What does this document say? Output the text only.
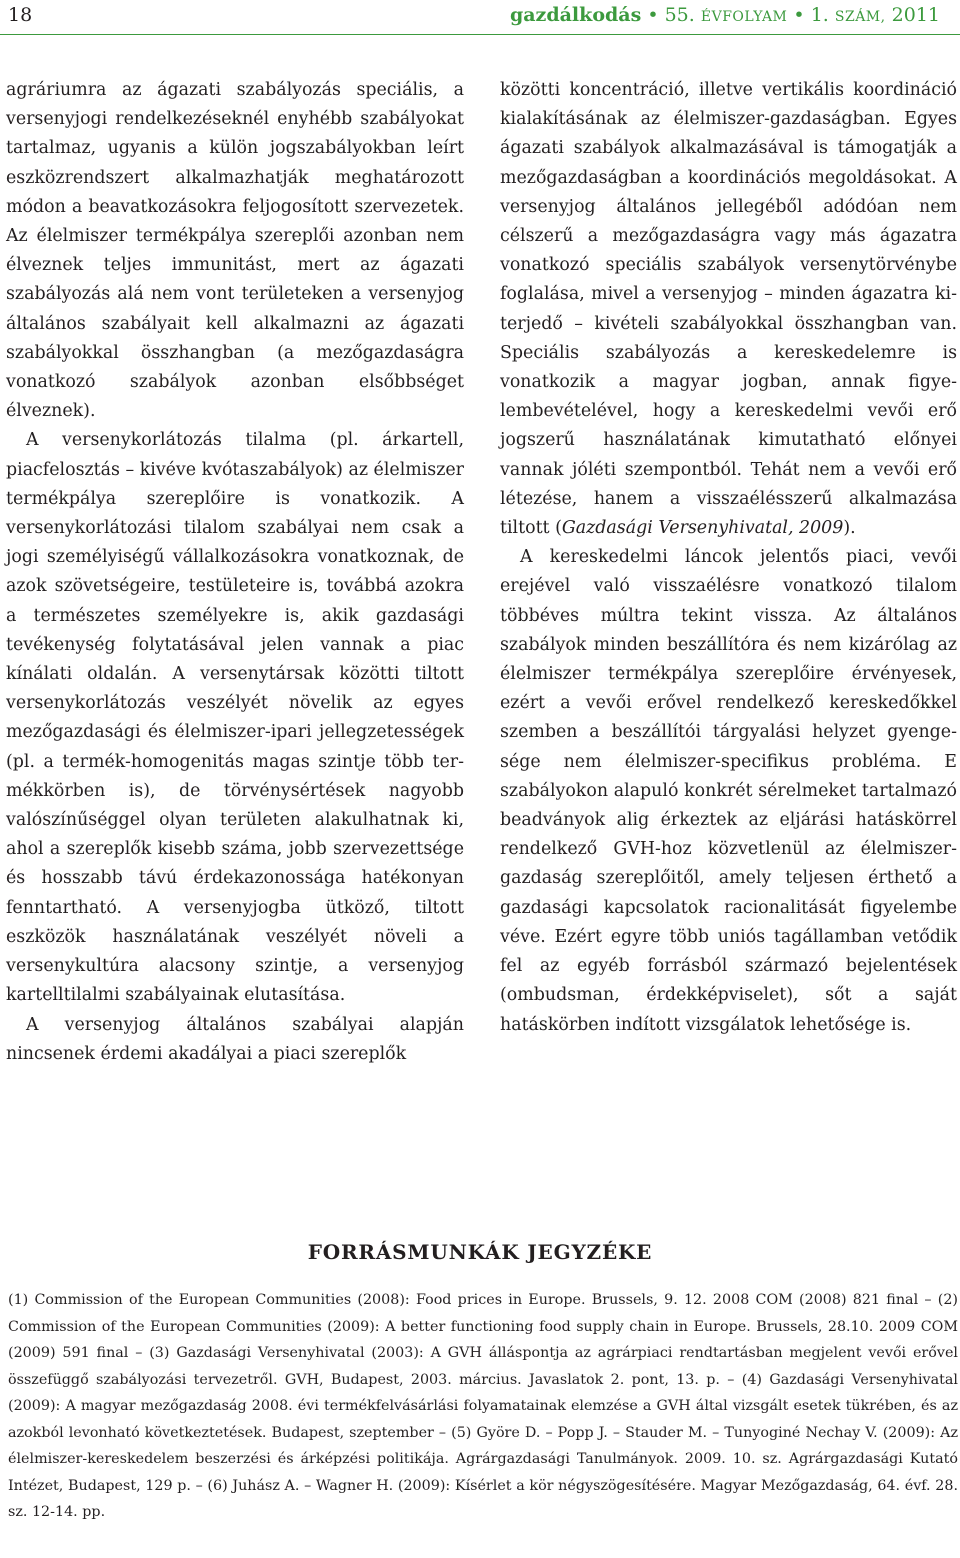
18	gazdálkodás • 55. ÉVFOLYAM • 1. SZÁM, 2011

agráriumra az ágazati szabályozás speciális, a versenyjogi rendelkezéseknél enyhébb szabályokat tartalmaz, ugyanis a külön jogszabályokban leírt eszközrendszert alkalmazhatják meghatározott módon a beavatkozásokra feljogosított szervezetek. Az élelmiszer termékpálya szereplői azonban nem élveznek teljes immunitást, mert az ágazati szabályozás alá nem vont területeken a versenyjog általános szabályait kell alkalmazni az ágazati szabályokkal összhangban (a mezőgazdaságra vonatkozó szabályok azonban elsőbbséget élveznek).

A versenykorlátozás tilalma (pl. árkartell, piacfelosztás – kivéve kvótaszabályok) az élelmiszer termékpálya szereplőire is vonatkozik. A versenykorlátozási tilalom szabályai nem csak a jogi személyiségű vállalkozásokra vonatkoznak, de azok szövetségeire, testületeire is, továbbá azokra a természetes személyekre is, akik gazdasági tevékenység folytatásával jelen vannak a piac kínálati oldalán. A versenytársak közötti tiltott versenykorlátozás veszélyét növelik az egyes mezőgazdasági és élelmiszer-ipari jellegzetességek (pl. a termék-homogenitás magas szintje több termékkörben is), de törvénysértések nagyobb valószínűséggel olyan területen alakulhatnak ki, ahol a szereplők kisebb száma, jobb szervezettsége és hosszabb távú érdekazonossága hatékonyan fenntartható. A versenyjogba ütköző, tiltott eszközök használatának veszélyét növeli a versenykultúra alacsony szintje, a versenyjog kartelltilalmi szabályainak elutasítása.

A versenyjog általános szabályai alapján nincsenek érdemi akadályai a piaci szereplők

közötti koncentráció, illetve vertikális koordináció kialakításának az élelmiszer-gazdaságban. Egyes ágazati szabályok alkalmazásával is támogatják a mezőgazdaságban a koordinációs megoldásokat. A versenyjog általános jellegéből adódóan nem célszerű a mezőgazdaságra vagy más ágazatra vonatkozó speciális szabályok versenytörvénybe foglalása, mivel a versenyjog – minden ágazatra kiterjedő – kivételi szabályokkal összhangban van. Speciális szabályozás a kereskedelemre is vonatkozik a magyar jogban, annak figyelembevételével, hogy a kereskedelmi vevői erő jogszerű használatának kimutatható előnyei vannak jóléti szempontból. Tehát nem a vevői erő létezése, hanem a visszaélésszerű alkalmazása tiltott (Gazdasági Versenyhivatal, 2009).

A kereskedelmi láncok jelentős piaci, vevői erejével való visszaélésre vonatkozó tilalom többéves múltra tekint vissza. Az általános szabályok minden beszállítóra és nem kizárólag az élelmiszer termékpálya szereplőire érvényesek, ezért a vevői erővel rendelkező kereskedőkkel szemben a beszállítói tárgyalási helyzet gyengesége nem élelmiszer-specifikus probléma. E szabályokon alapuló konkrét sérelmeket tartalmazó beadványok alig érkeztek az eljárási hatáskörrel rendelkező GVH-hoz közvetlenül az élelmiszer-gazdaság szereplőitől, amely teljesen érthető a gazdasági kapcsolatok racionalitását figyelembe véve. Ezért egyre több uniós tagállamban vetődik fel az egyéb forrásból származó bejelentések (ombudsman, érdekképviselet), sőt a saját hatáskörben indított vizsgálatok lehetősége is.

FORRÁSMUNKÁK JEGYZÉKE
(1) Commission of the European Communities (2008): Food prices in Europe. Brussels, 9. 12. 2008 COM (2008) 821 final – (2) Commission of the European Communities (2009): A better functioning food supply chain in Europe. Brussels, 28.10. 2009 COM (2009) 591 final – (3) Gazdasági Versenyhivatal (2003): A GVH álláspontja az agrárpiaci rendtartásban megjelent vevői erővel összefüggő szabályozási tervezetről. GVH, Budapest, 2003. március. Javaslatok 2. pont, 13. p. – (4) Gazdasági Versenyhivatal (2009): A magyar mezőgazdaság 2008. évi termékfelvásárlási folyamatainak elemzése a GVH által vizsgált esetek tükrében, és az azokból levonható következtetések. Budapest, szeptember – (5) Györe D. – Popp J. – Stauder M. – Tunyoginé Nechay V. (2009): Az élelmiszer-kereskedelem beszerzési és árképzési politikája. Agrárgazdasági Tanulmányok. 2009. 10. sz. Agrárgazdasági Kutató Intézet, Budapest, 129 p. – (6) Juhász A. – Wagner H. (2009): Kísérlet a kör négyszögesítésére. Magyar Mezőgazdaság, 64. évf. 28. sz. 12-14. pp.
